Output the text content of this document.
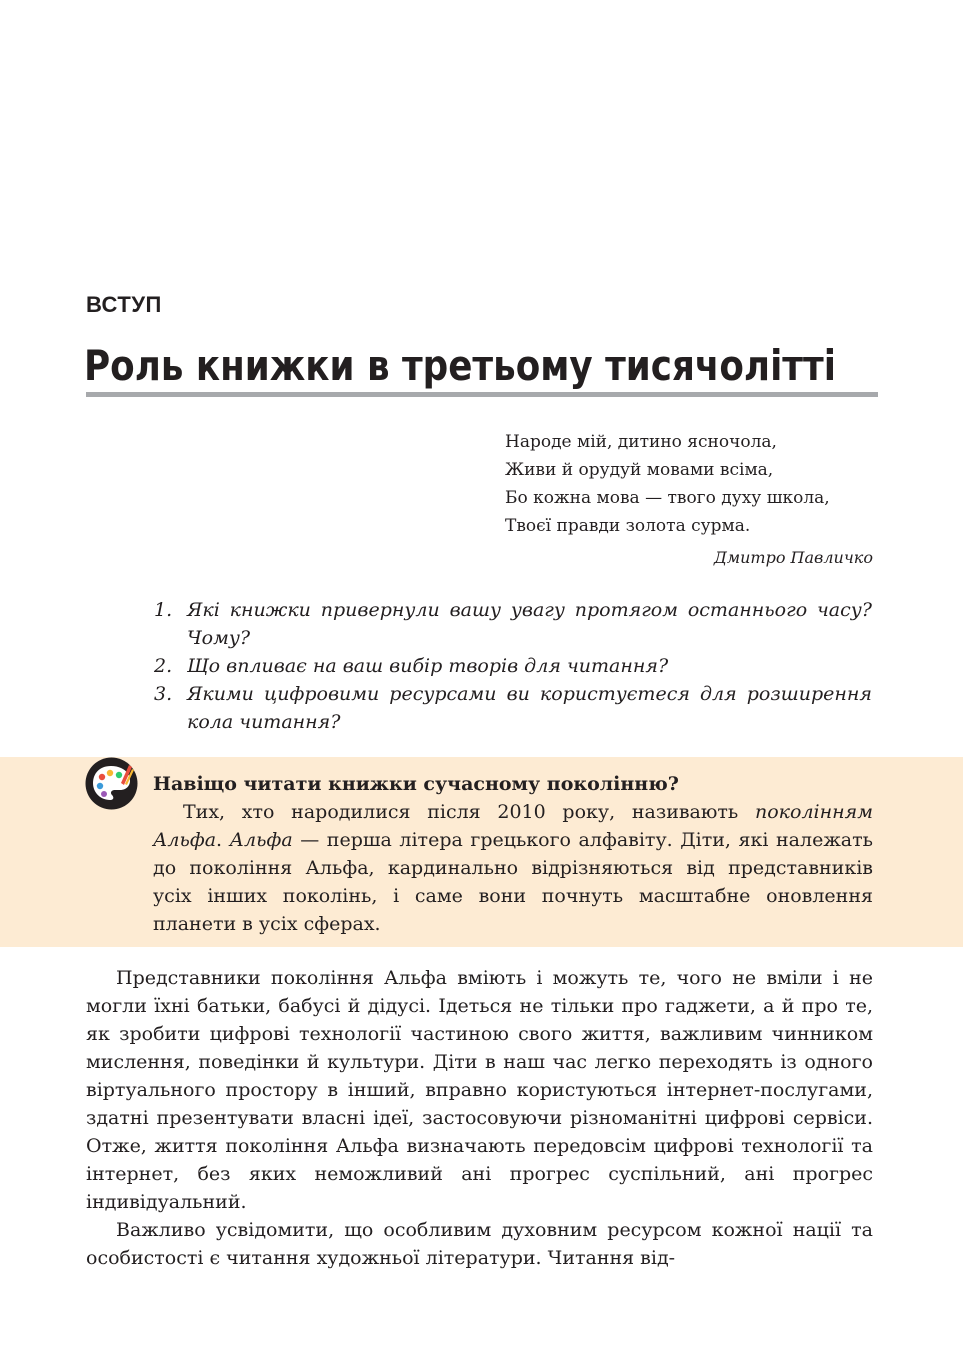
ВСТУП
Роль книжки в третьому тисячолітті
Народе мій, дитино ясночола,
Живи й орудуй мовами всіма,
Бо кожна мова — твого духу школа,
Твоєї правди золота сурма.
Дмитро Павличко
1. Які книжки привернули вашу увагу протягом останнього часу? Чому?
2. Що впливає на ваш вибір творів для читання?
3. Якими цифровими ресурсами ви користуєтеся для розширення кола читання?
Навіщо читати книжки сучасному поколінню?

Тих, хто народилися після 2010 року, називають поколінням Альфа. Альфа — перша літера грецького алфавіту. Діти, які належать до покоління Альфа, кардинально відрізняються від представників усіх інших поколінь, і саме вони почнуть масштабне оновлення планети в усіх сферах.

Представники покоління Альфа вміють і можуть те, чого не вміли і не могли їхні батьки, бабусі й дідусі. Ідеться не тільки про гаджети, а й про те, як зробити цифрові технології частиною свого життя, важливим чинником мислення, поведінки й культури. Діти в наш час легко переходять із одного віртуального простору в інший, вправно користуються інтернет-послугами, здатні презентувати власні ідеї, застосовуючи різноманітні цифрові сервіси. Отже, життя покоління Альфа визначають передовсім цифрові технології та інтернет, без яких неможливий ані прогрес суспільний, ані прогрес індивідуальний.

Важливо усвідомити, що особливим духовним ресурсом кожної нації та особистості є читання художньої літератури. Читання від-
